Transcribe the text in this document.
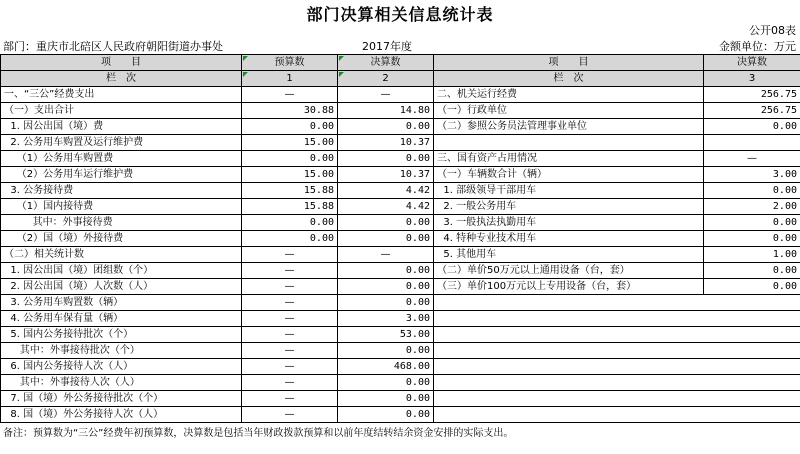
部门决算相关信息统计表
公开08表
部门：重庆市北碚区人民政府朝阳街道办事处	2017年度	金额单位：万元
项　　目	预算数	决算数	项　　目	决算数
栏　次	1	2	栏　次	3
一、“三公”经费支出	—	—	二、机关运行经费	256.75
（一）支出合计	30.88	14.80	（一）行政单位	256.75
1. 因公出国（境）费	0.00	0.00	（二）参照公务员法管理事业单位	0.00
2. 公务用车购置及运行维护费	15.00	10.37		
（1）公务用车购置费	0.00	0.00	三、国有资产占用情况	—
（2）公务用车运行维护费	15.00	10.37	（一）车辆数合计（辆）	3.00
3. 公务接待费	15.88	4.42	1. 部级领导干部用车	0.00
（1）国内接待费	15.88	4.42	2. 一般公务用车	2.00
其中：外事接待费	0.00	0.00	3. 一般执法执勤用车	0.00
（2）国（境）外接待费	0.00	0.00	4. 特种专业技术用车	0.00
（二）相关统计数	—	—	5. 其他用车	1.00
1. 因公出国（境）团组数（个）	—	0.00	（二）单价50万元以上通用设备（台，套）	0.00
2. 因公出国（境）人次数（人）	—	0.00	（三）单价100万元以上专用设备（台，套）	0.00
3. 公务用车购置数（辆）	—	0.00		
4. 公务用车保有量（辆）	—	3.00		
5. 国内公务接待批次（个）	—	53.00		
其中：外事接待批次（个）	—	0.00		
6. 国内公务接待人次（人）	—	468.00		
其中：外事接待人次（人）	—	0.00		
7. 国（境）外公务接待批次（个）	—	0.00		
8. 国（境）外公务接待人次（人）	—	0.00		
备注：预算数为“三公”经费年初预算数，决算数是包括当年财政拨款预算和以前年度结转结余资金安排的实际支出。
